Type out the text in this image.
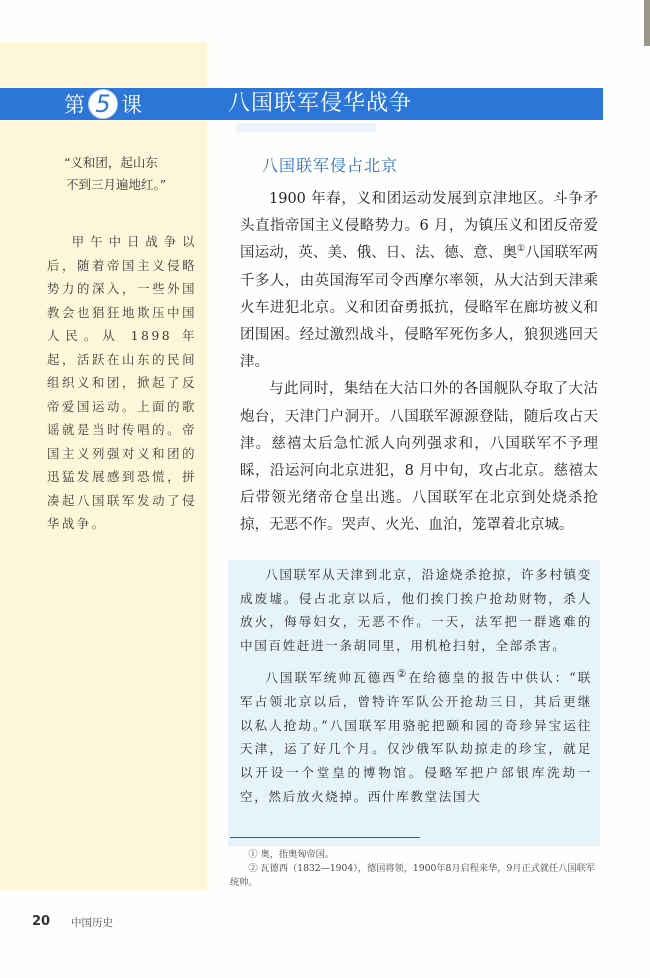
第 5 课	八国联军侵华战争
“义和团，起山东
不到三月遍地红。”

甲午中日战争以后，随着帝国主义侵略势力的深入，一些外国教会也猖狂地欺压中国人民。从 1898 年起，活跃在山东的民间组织义和团，掀起了反帝爱国运动。上面的歌谣就是当时传唱的。帝国主义列强对义和团的迅猛发展感到恐慌，拼凑起八国联军发动了侵华战争。

八国联军侵占北京

1900 年春，义和团运动发展到京津地区。斗争矛头直指帝国主义侵略势力。6 月，为镇压义和团反帝爱国运动，英、美、俄、日、法、德、意、奥①八国联军两千多人，由英国海军司令西摩尔率领，从大沽到天津乘火车进犯北京。义和团奋勇抵抗，侵略军在廊坊被义和团围困。经过激烈战斗，侵略军死伤多人，狼狈逃回天津。

与此同时，集结在大沽口外的各国舰队夺取了大沽炮台，天津门户洞开。八国联军源源登陆，随后攻占天津。慈禧太后急忙派人向列强求和，八国联军不予理睬，沿运河向北京进犯，8 月中旬，攻占北京。慈禧太后带领光绪帝仓皇出逃。八国联军在北京到处烧杀抢掠，无恶不作。哭声、火光、血泊，笼罩着北京城。

八国联军从天津到北京，沿途烧杀抢掠，许多村镇变成废墟。侵占北京以后，他们挨门挨户抢劫财物，杀人放火，侮辱妇女，无恶不作。一天，法军把一群逃难的中国百姓赶进一条胡同里，用机枪扫射，全部杀害。

八国联军统帅瓦德西②在给德皇的报告中供认：“联军占领北京以后，曾特许军队公开抢劫三日，其后更继以私人抢劫。”八国联军用骆驼把颐和园的奇珍异宝运往天津，运了好几个月。仅沙俄军队劫掠走的珍宝，就足以开设一个堂皇的博物馆。侵略军把户部银库洗劫一空，然后放火烧掉。西什库教堂法国大

① 奥，指奥匈帝国。
② 瓦德西（1832—1904），德国将领，1900年8月启程来华，9月正式就任八国联军统帅。
20 中国历史
